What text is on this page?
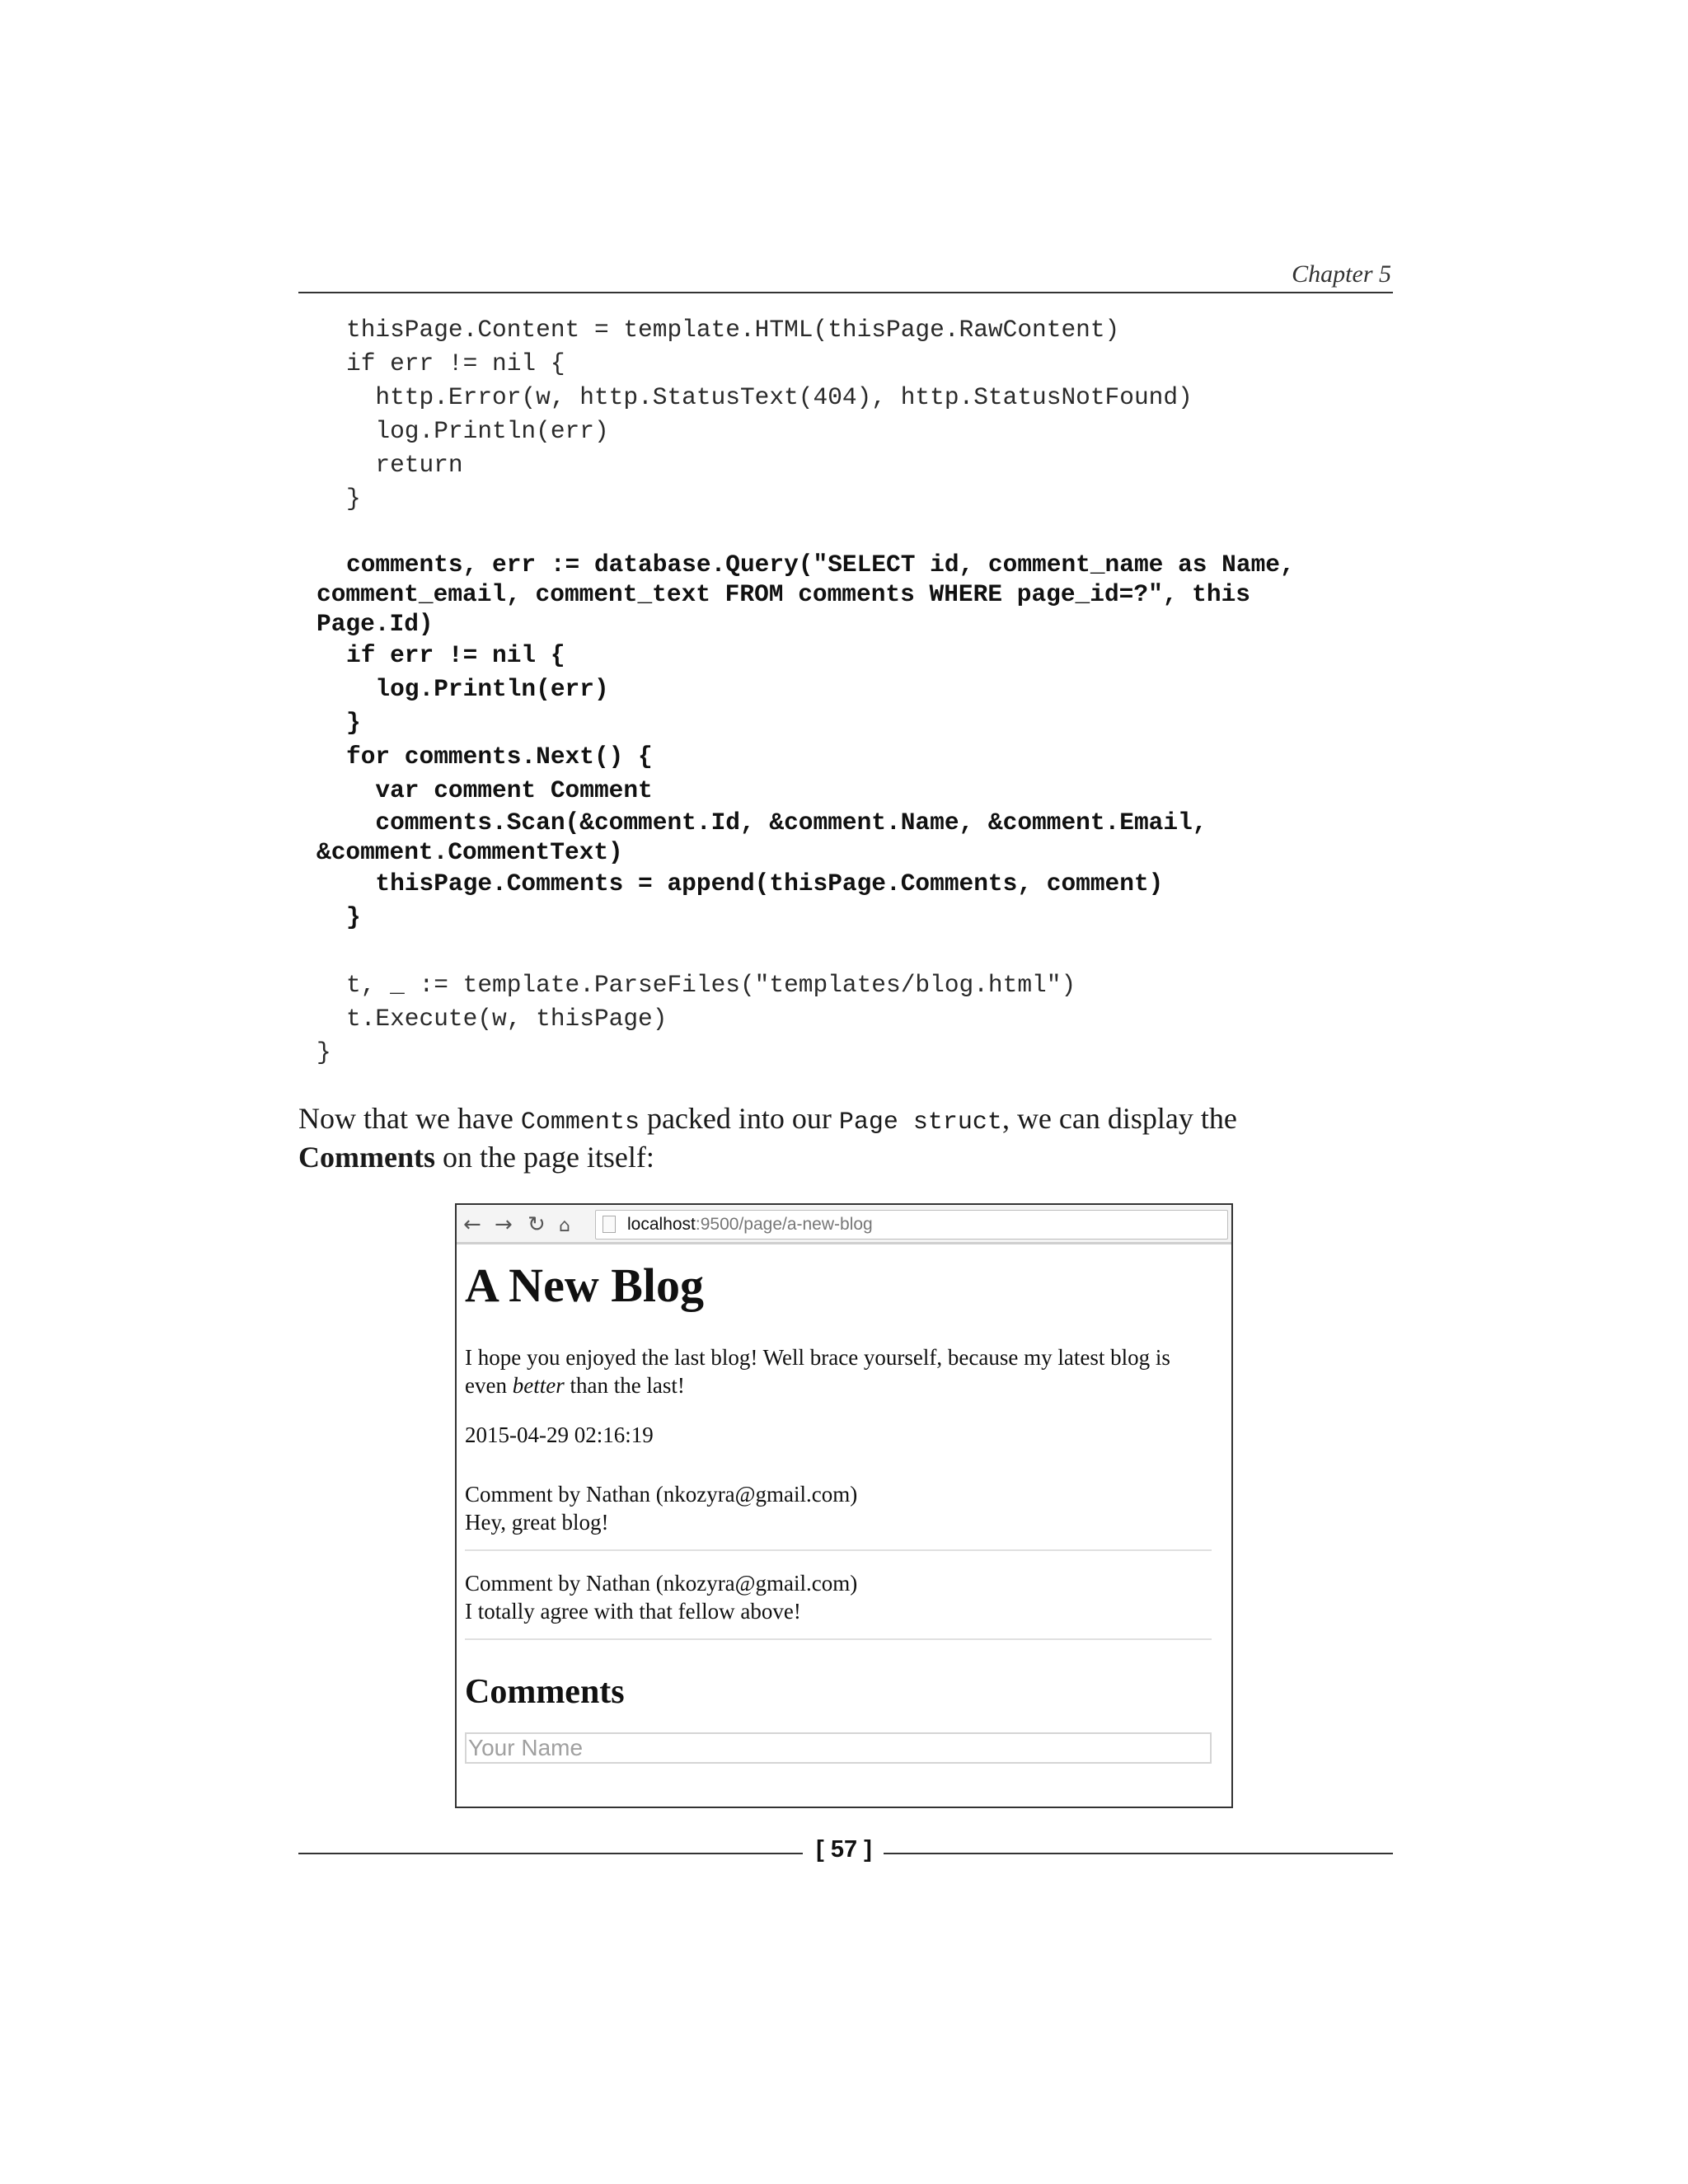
Chapter 5
thisPage.Content = template.HTML(thisPage.RawContent)
if err != nil {
http.Error(w, http.StatusText(404), http.StatusNotFound)
log.Println(err)
return
}
comments, err := database.Query("SELECT id, comment_name as Name,
comment_email, comment_text FROM comments WHERE page_id=?", this
Page.Id)
if err != nil {
log.Println(err)
}
for comments.Next() {
var comment Comment
comments.Scan(&comment.Id, &comment.Name, &comment.Email,
&comment.CommentText)
thisPage.Comments = append(thisPage.Comments, comment)
}
t, _ := template.ParseFiles("templates/blog.html")
t.Execute(w, thisPage)
}

Now that we have Comments packed into our Page struct, we can display the
Comments on the page itself:

← → ↻ ⌂	localhost:9500/page/a-new-blog
A New Blog

I hope you enjoyed the last blog! Well brace yourself, because my latest blog is even better than the last!

2015-04-29 02:16:19

Comment by Nathan (nkozyra@gmail.com)
Hey, great blog!
Comment by Nathan (nkozyra@gmail.com)
I totally agree with that fellow above!
Comments
Your Name
[ 57 ]
